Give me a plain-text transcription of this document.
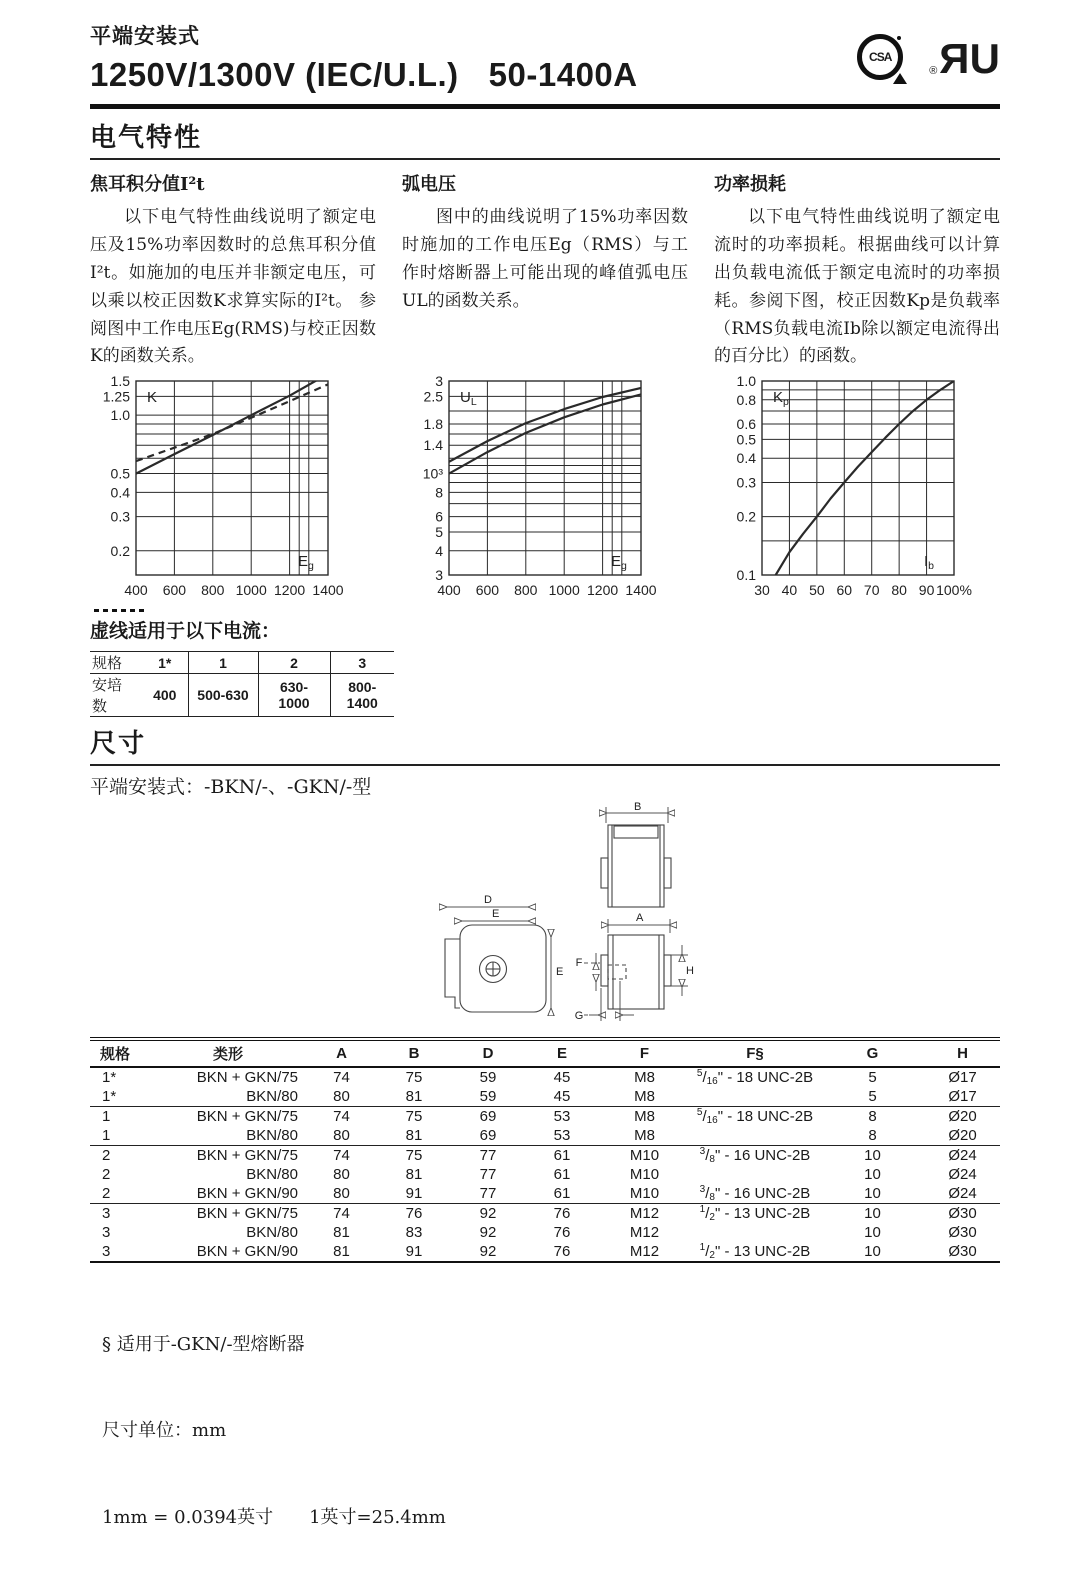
平端安装式
1250V/1300V (IEC/U.L.) 50-1400A	CSA
® R U
电气特性
焦耳积分值I²t

以下电气特性曲线说明了额定电压及15%功率因数时的总焦耳积分值I²t。如施加的电压并非额定电压，可以乘以校正因数K求算实际的I²t。 参阅图中工作电压Eg(RMS)与校正因数K的函数关系。

弧电压

图中的曲线说明了15%功率因数时施加的工作电压Eg（RMS）与工作时熔断器上可能出现的峰值弧电压UL的函数关系。

功率损耗

以下电气特性曲线说明了额定电流时的功率损耗。根据曲线可以计算出负载电流低于额定电流时的功率损耗。参阅下图，校正因数Kp是负载率（RMS负载电流Ib除以额定电流得出的百分比）的函数。

400 600 800 1000 1200 1400
1.5
1.25
1.0
0.5
0.4
0.3
0.2
K
$E_g$
400 600 800 1000 1200 1400
3
2.5
1.8
1.4
10³
8
6
5
4
3
$U_L$
$E_g$
30 40 50 60 70 80 90 100%
1.0
0.8
0.6
0.5
0.4
0.3
0.2
0.1
$K_p$
$I_b$
虚线适用于以下电流：
规格	1*	1	2	3
安培数	400	500-630	630-1000	800-1400
尺寸
平端安装式：-BKN/-、-GKN/-型
B
D
E
E
A
F
H
G
规格	类形	A	B	D	E	F	F§	G	H
1*	BKN + GKN/75	74	75	59	45	M8	$^5/_{16}$" - 18 UNC-2B	5	Ø17
1*	BKN/80	80	81	59	45	M8		5	Ø17
1	BKN + GKN/75	74	75	69	53	M8	$^5/_{16}$" - 18 UNC-2B	8	Ø20
1	BKN/80	80	81	69	53	M8		8	Ø20
2	BKN + GKN/75	74	75	77	61	M10	$^3/_8$" - 16 UNC-2B	10	Ø24
2	BKN/80	80	81	77	61	M10		10	Ø24
2	BKN + GKN/90	80	91	77	61	M10	$^3/_8$" - 16 UNC-2B	10	Ø24
3	BKN + GKN/75	74	76	92	76	M12	$^1/_2$" - 13 UNC-2B	10	Ø30
3	BKN/80	81	83	92	76	M12		10	Ø30
3	BKN + GKN/90	81	91	92	76	M12	$^1/_2$" - 13 UNC-2B	10	Ø30

§ 适用于-GKN/-型熔断器

尺寸单位：mm

1mm = 0.0394英寸　　1英寸=25.4mm
